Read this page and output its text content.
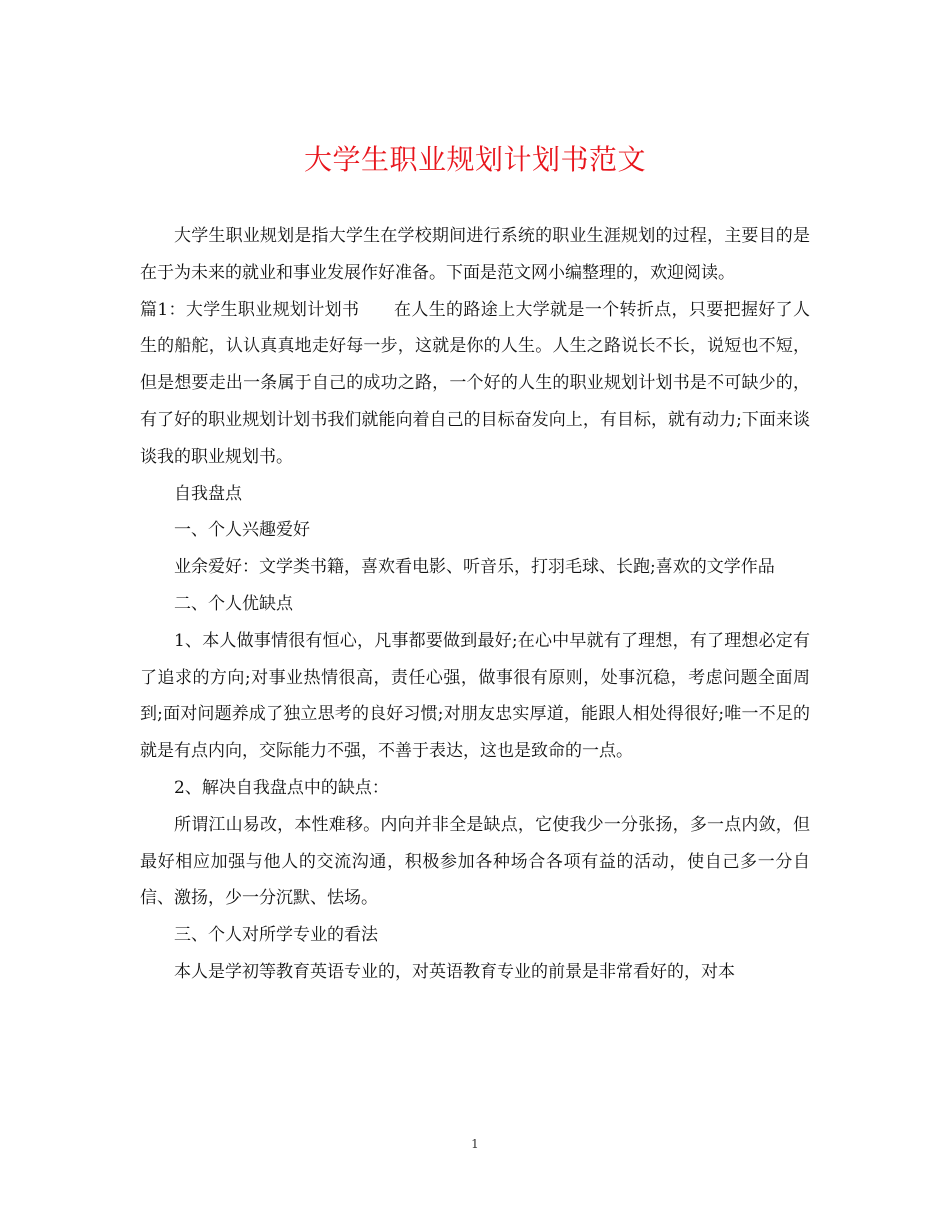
大学生职业规划计划书范文

大学生职业规划是指大学生在学校期间进行系统的职业生涯规划的过程，主要目的是在于为未来的就业和事业发展作好准备。下面是范文网小编整理的，欢迎阅读。

篇1：大学生职业规划计划书　　在人生的路途上大学就是一个转折点，只要把握好了人生的船舵，认认真真地走好每一步，这就是你的人生。人生之路说长不长，说短也不短，但是想要走出一条属于自己的成功之路，一个好的人生的职业规划计划书是不可缺少的，有了好的职业规划计划书我们就能向着自己的目标奋发向上，有目标，就有动力;下面来谈谈我的职业规划书。

自我盘点

一、个人兴趣爱好

业余爱好：文学类书籍，喜欢看电影、听音乐，打羽毛球、长跑;喜欢的文学作品

二、个人优缺点

1、本人做事情很有恒心，凡事都要做到最好;在心中早就有了理想，有了理想必定有了追求的方向;对事业热情很高，责任心强，做事很有原则，处事沉稳，考虑问题全面周到;面对问题养成了独立思考的良好习惯;对朋友忠实厚道，能跟人相处得很好;唯一不足的就是有点内向，交际能力不强，不善于表达，这也是致命的一点。

2、解决自我盘点中的缺点：

所谓江山易改，本性难移。内向并非全是缺点，它使我少一分张扬，多一点内敛，但最好相应加强与他人的交流沟通，积极参加各种场合各项有益的活动，使自己多一分自信、激扬，少一分沉默、怯场。

三、个人对所学专业的看法

本人是学初等教育英语专业的，对英语教育专业的前景是非常看好的，对本

1
